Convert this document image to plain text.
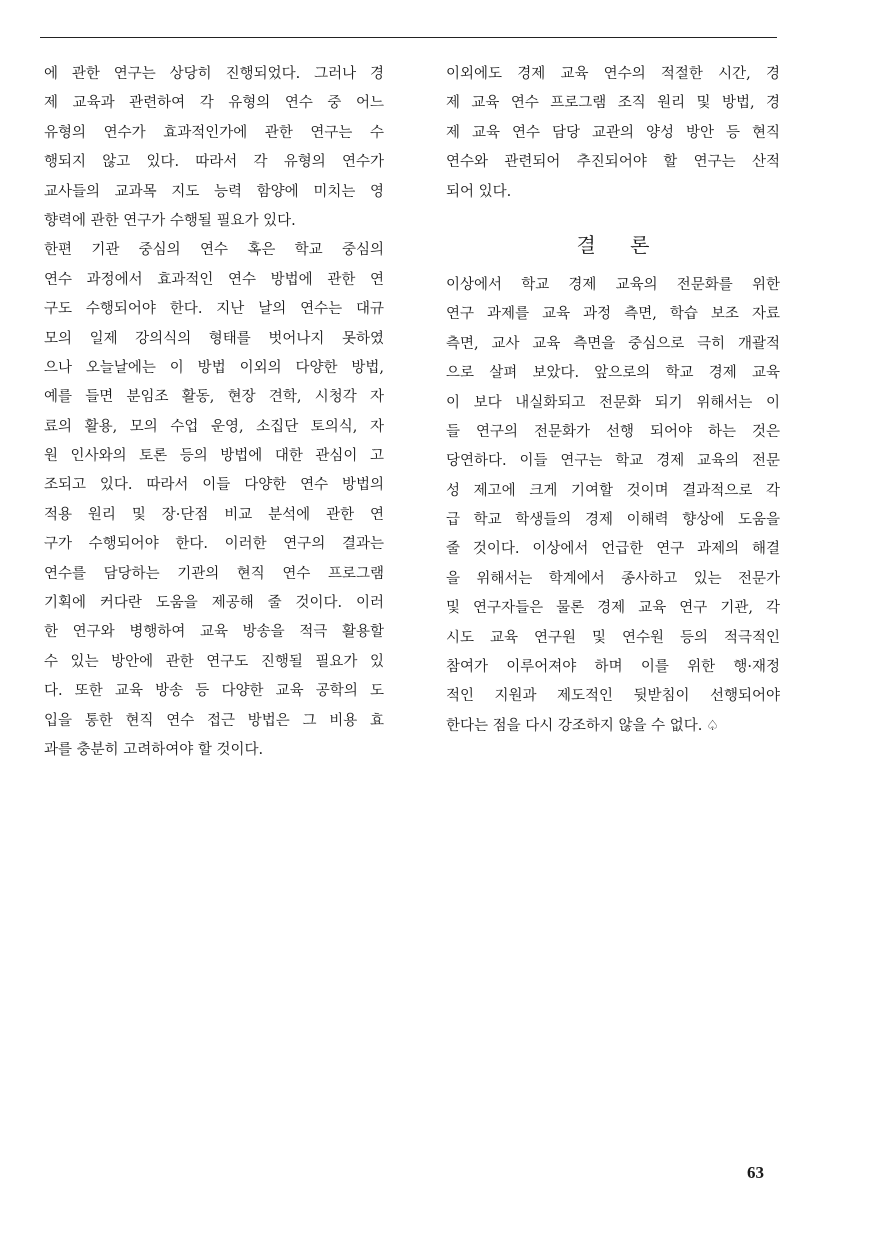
에 관한 연구는 상당히 진행되었다. 그러나 경
제 교육과 관련하여 각 유형의 연수 중 어느
유형의 연수가 효과적인가에 관한 연구는 수
행되지 않고 있다. 따라서 각 유형의 연수가
교사들의 교과목 지도 능력 함양에 미치는 영
향력에 관한 연구가 수행될 필요가 있다.
한편 기관 중심의 연수 혹은 학교 중심의
연수 과정에서 효과적인 연수 방법에 관한 연
구도 수행되어야 한다. 지난 날의 연수는 대규
모의 일제 강의식의 형태를 벗어나지 못하였
으나 오늘날에는 이 방법 이외의 다양한 방법,
예를 들면 분임조 활동, 현장 견학, 시청각 자
료의 활용, 모의 수업 운영, 소집단 토의식, 자
원 인사와의 토론 등의 방법에 대한 관심이 고
조되고 있다. 따라서 이들 다양한 연수 방법의
적용 원리 및 장·단점 비교 분석에 관한 연
구가 수행되어야 한다. 이러한 연구의 결과는
연수를 담당하는 기관의 현직 연수 프로그램
기획에 커다란 도움을 제공해 줄 것이다. 이러
한 연구와 병행하여 교육 방송을 적극 활용할
수 있는 방안에 관한 연구도 진행될 필요가 있
다. 또한 교육 방송 등 다양한 교육 공학의 도
입을 통한 현직 연수 접근 방법은 그 비용 효
과를 충분히 고려하여야 할 것이다.
이외에도 경제 교육 연수의 적절한 시간, 경
제 교육 연수 프로그램 조직 원리 및 방법, 경
제 교육 연수 담당 교관의 양성 방안 등 현직
연수와 관련되어 추진되어야 할 연구는 산적
되어 있다.
결 론
이상에서 학교 경제 교육의 전문화를 위한
연구 과제를 교육 과정 측면, 학습 보조 자료
측면, 교사 교육 측면을 중심으로 극히 개괄적
으로 살펴 보았다. 앞으로의 학교 경제 교육
이 보다 내실화되고 전문화 되기 위해서는 이
들 연구의 전문화가 선행 되어야 하는 것은
당연하다. 이들 연구는 학교 경제 교육의 전문
성 제고에 크게 기여할 것이며 결과적으로 각
급 학교 학생들의 경제 이해력 향상에 도움을
줄 것이다. 이상에서 언급한 연구 과제의 해결
을 위해서는 학계에서 종사하고 있는 전문가
및 연구자들은 물론 경제 교육 연구 기관, 각
시도 교육 연구원 및 연수원 등의 적극적인
참여가 이루어져야 하며 이를 위한 행·재정
적인 지원과 제도적인 뒷받침이 선행되어야
한다는 점을 다시 강조하지 않을 수 없다. ♤
63
